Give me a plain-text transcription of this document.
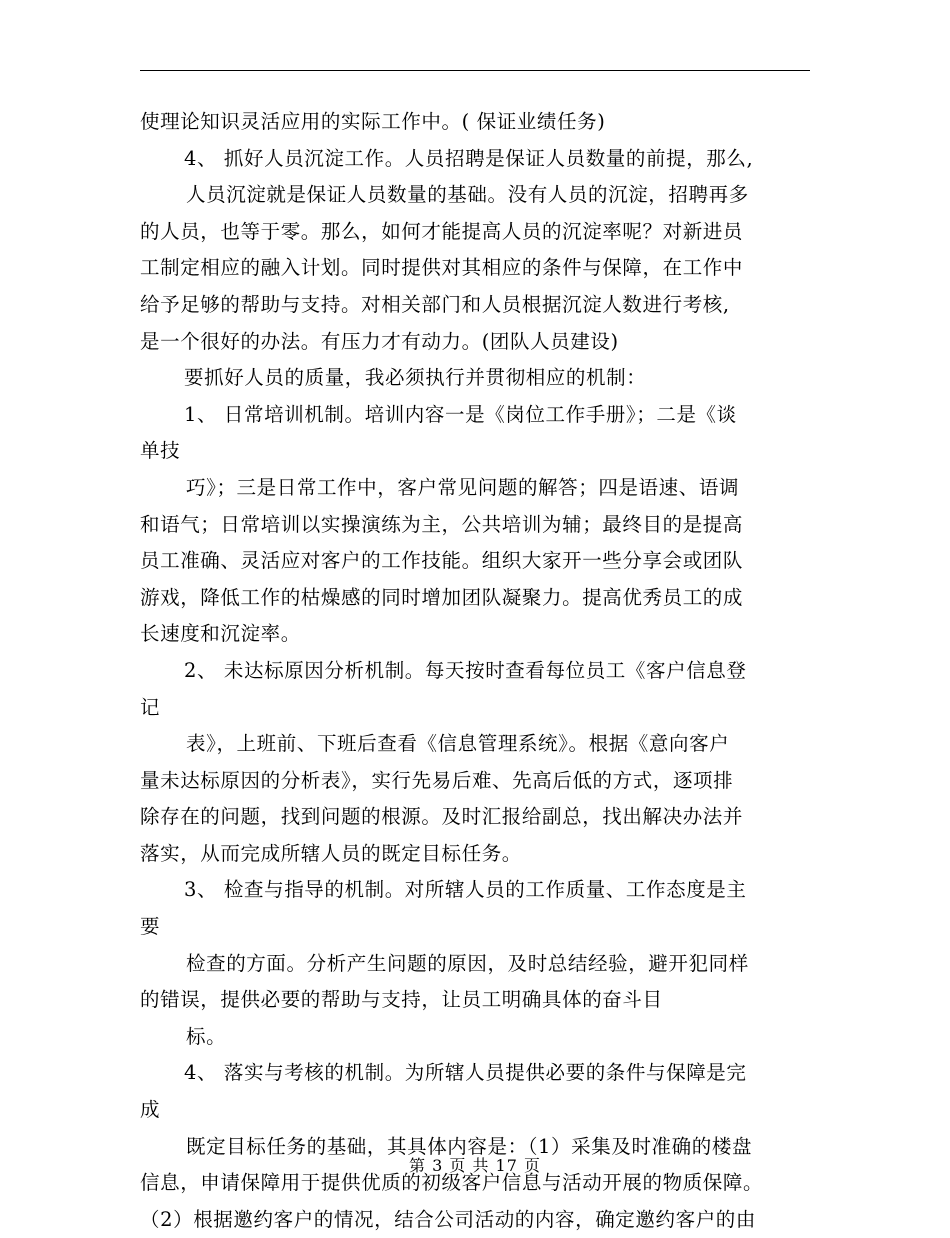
使理论知识灵活应用的实际工作中。( 保证业绩任务)
4、 抓好人员沉淀工作。人员招聘是保证人员数量的前提，那么,
人员沉淀就是保证人员数量的基础。没有人员的沉淀，招聘再多
的人员，也等于零。那么，如何才能提高人员的沉淀率呢？对新进员
工制定相应的融入计划。同时提供对其相应的条件与保障，在工作中
给予足够的帮助与支持。对相关部门和人员根据沉淀人数进行考核,
是一个很好的办法。有压力才有动力。(团队人员建设)
要抓好人员的质量，我必须执行并贯彻相应的机制：
1、 日常培训机制。培训内容一是《岗位工作手册》；二是《谈
单技
巧》；三是日常工作中，客户常见问题的解答；四是语速、语调
和语气；日常培训以实操演练为主，公共培训为辅；最终目的是提高
员工准确、灵活应对客户的工作技能。组织大家开一些分享会或团队
游戏，降低工作的枯燥感的同时增加团队凝聚力。提高优秀员工的成
长速度和沉淀率。
2、 未达标原因分析机制。每天按时查看每位员工《客户信息登
记
表》，上班前、下班后查看《信息管理系统》。根据《意向客户
量未达标原因的分析表》，实行先易后难、先高后低的方式，逐项排
除存在的问题，找到问题的根源。及时汇报给副总，找出解决办法并
落实，从而完成所辖人员的既定目标任务。
3、 检查与指导的机制。对所辖人员的工作质量、工作态度是主
要
检查的方面。分析产生问题的原因，及时总结经验，避开犯同样
的错误，提供必要的帮助与支持，让员工明确具体的奋斗目
标。
4、 落实与考核的机制。为所辖人员提供必要的条件与保障是完
成
既定目标任务的基础，其具体内容是：（1）采集及时准确的楼盘
信息，申请保障用于提供优质的初级客户信息与活动开展的物质保障。
（2）根据邀约客户的情况，结合公司活动的内容，确定邀约客户的由
第 3 页 共 17 页
